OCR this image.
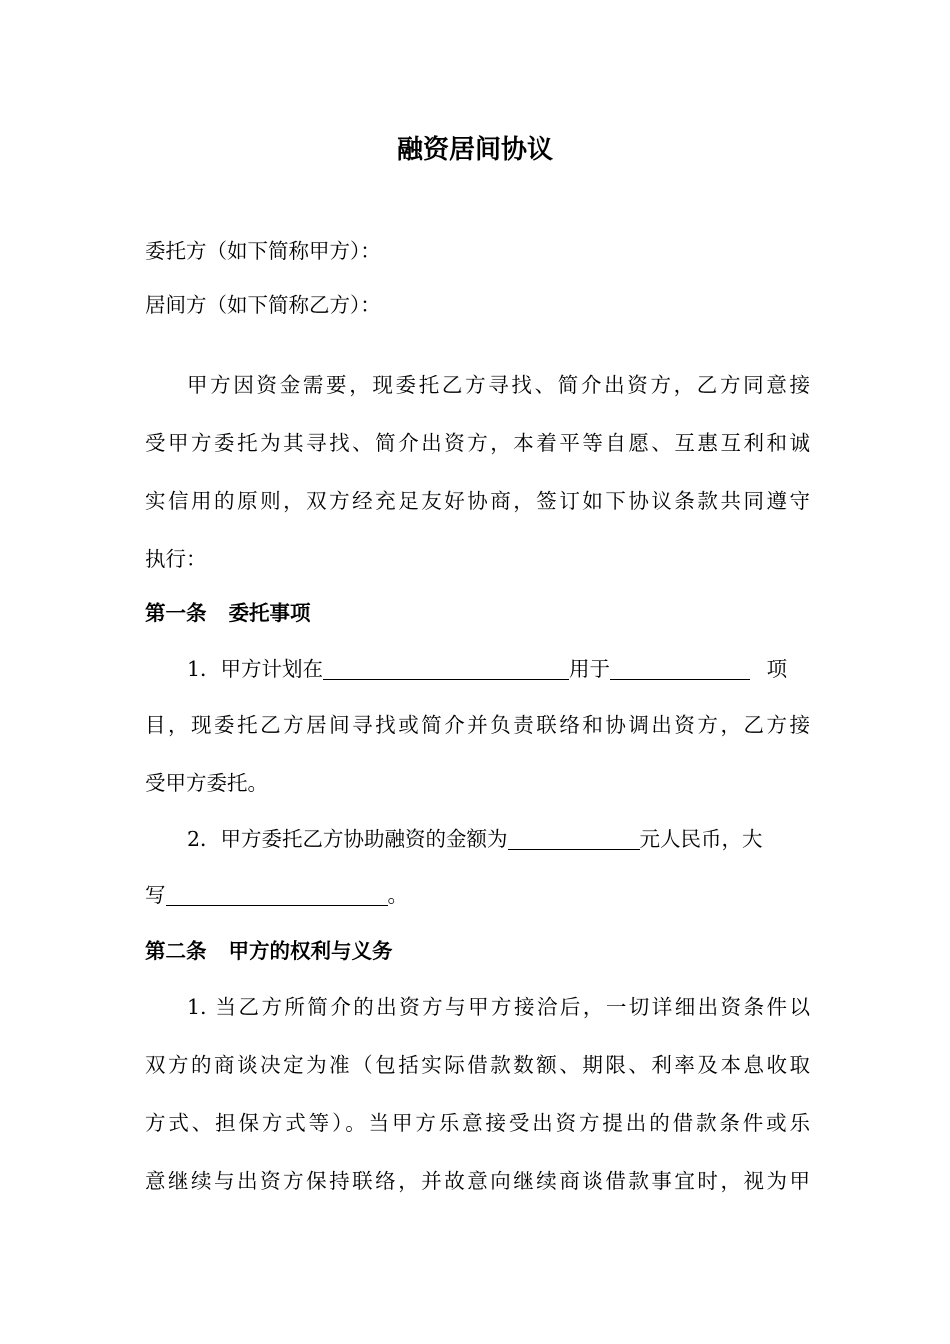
融资居间协议
委托方（如下简称甲方）：
居间方（如下简称乙方）：
甲方因资金需要，现委托乙方寻找、简介出资方，乙方同意接
受甲方委托为其寻找、简介出资方，本着平等自愿、互惠互利和诚
实信用的原则，双方经充足友好协商，签订如下协议条款共同遵守
执行：
第一条 委托事项
1．甲方计划在	用于	项
目，现委托乙方居间寻找或简介并负责联络和协调出资方，乙方接
受甲方委托。
2．甲方委托乙方协助融资的金额为	元人民币，大
写	。
第二条 甲方的权利与义务
1. 当乙方所简介的出资方与甲方接洽后，一切详细出资条件以
双方的商谈决定为准（包括实际借款数额、期限、利率及本息收取
方式、担保方式等）。当甲方乐意接受出资方提出的借款条件或乐
意继续与出资方保持联络，并故意向继续商谈借款事宜时，视为甲
